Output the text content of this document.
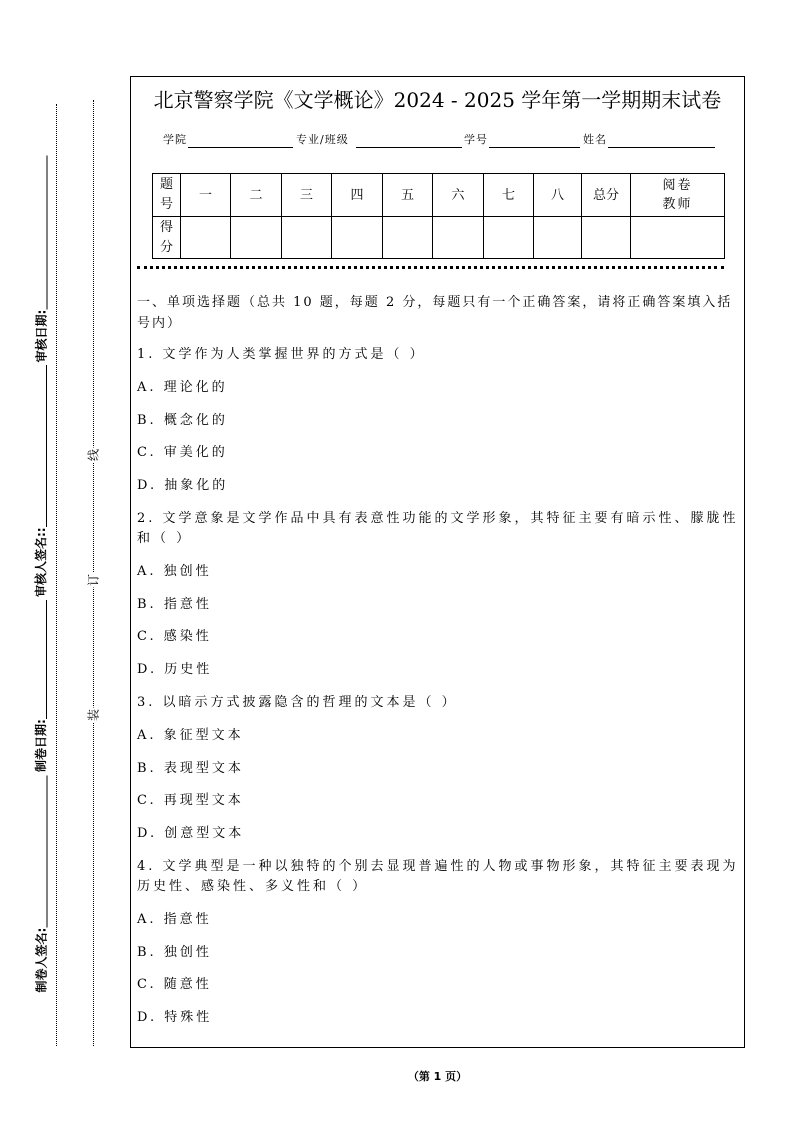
审核日期:
审核人签名::
制卷日期:
制卷人签名:
线
订
装
北京警察学院《文学概论》2024 - 2025 学年第一学期期末试卷
学院	专业/班级	学号	姓名
题号	一	二	三	四	五	六	七	八	总分	阅卷教师
得分										
一、单项选择题（总共 10 题，每题 2 分，每题只有一个正确答案，请将正确答案填入括号内）
1. 文学作为人类掌握世界的方式是（ ）
A. 理论化的
B. 概念化的
C. 审美化的
D. 抽象化的
2. 文学意象是文学作品中具有表意性功能的文学形象，其特征主要有暗示性、朦胧性和（ ）
A. 独创性
B. 指意性
C. 感染性
D. 历史性
3. 以暗示方式披露隐含的哲理的文本是（ ）
A. 象征型文本
B. 表现型文本
C. 再现型文本
D. 创意型文本
4. 文学典型是一种以独特的个别去显现普遍性的人物或事物形象，其特征主要表现为历史性、感染性、多义性和（ ）
A. 指意性
B. 独创性
C. 随意性
D. 特殊性
（第 1 页）
